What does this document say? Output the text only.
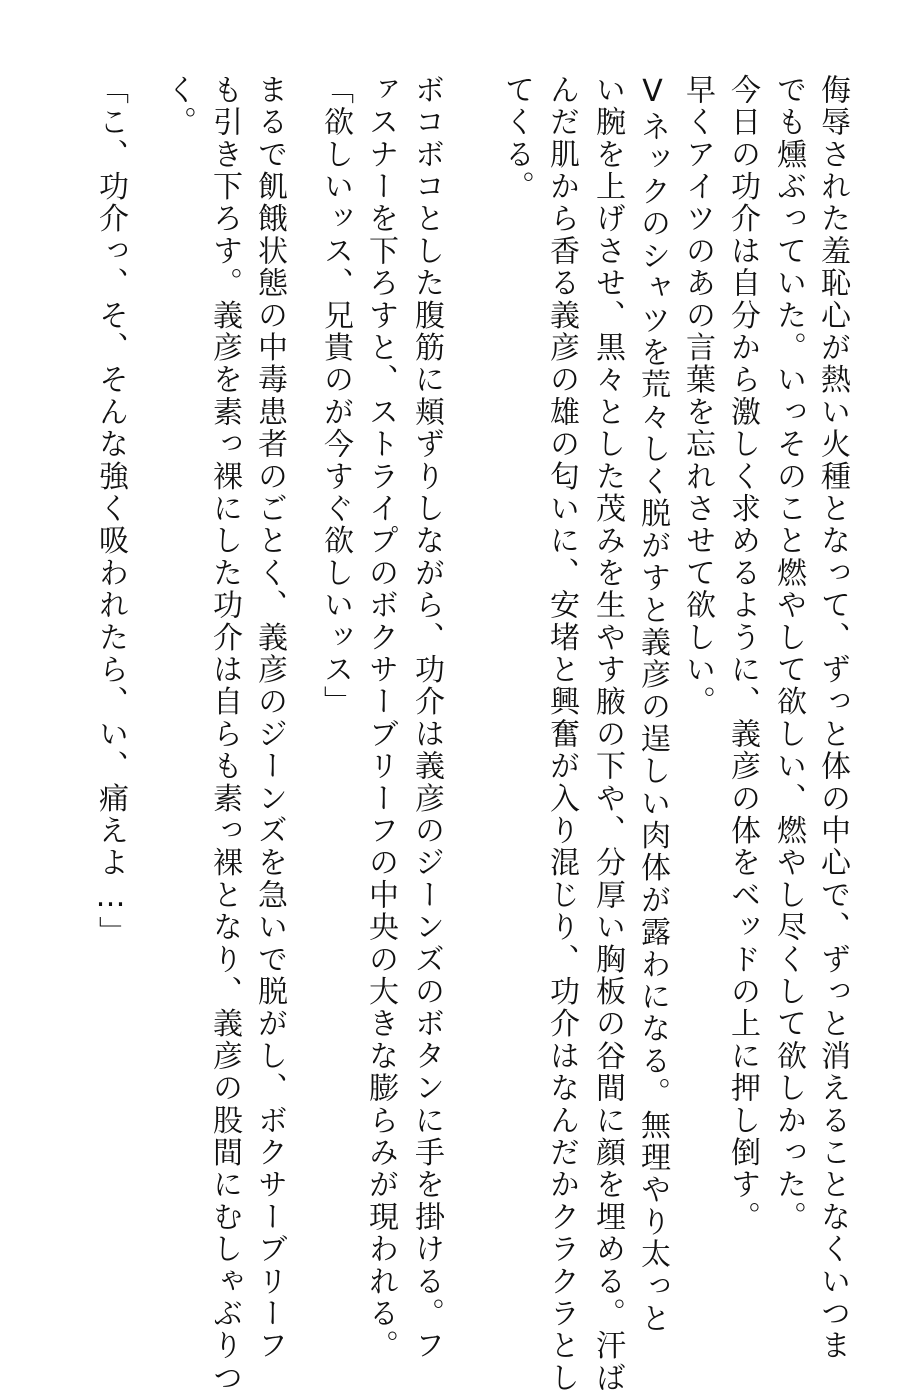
侮辱された羞恥心が熱い火種となって、ずっと体の中心で、ずっと消えることなくいつま
でも燻ぶっていた。いっそのこと燃やして欲しい、燃やし尽くして欲しかった。
今日の功介は自分から激しく求めるように、義彦の体をベッドの上に押し倒す。
早くアイツのあの言葉を忘れさせて欲しい。
Vネックのシャツを荒々しく脱がすと義彦の逞しい肉体が露わになる。無理やり太っと
い腕を上げさせ、黒々とした茂みを生やす腋の下や、分厚い胸板の谷間に顔を埋める。汗ば
んだ肌から香る義彦の雄の匂いに、安堵と興奮が入り混じり、功介はなんだかクラクラとし
てくる。
ボコボコとした腹筋に頬ずりしながら、功介は義彦のジーンズのボタンに手を掛ける。フ
ァスナーを下ろすと、ストライプのボクサーブリーフの中央の大きな膨らみが現われる。
「欲しいッス、兄貴のが今すぐ欲しいッス」
まるで飢餓状態の中毒患者のごとく、義彦のジーンズを急いで脱がし、ボクサーブリーフ
も引き下ろす。義彦を素っ裸にした功介は自らも素っ裸となり、義彦の股間にむしゃぶりつ
く。
「こ、功介っ、そ、そんな強く吸われたら、い、痛えよ…」
